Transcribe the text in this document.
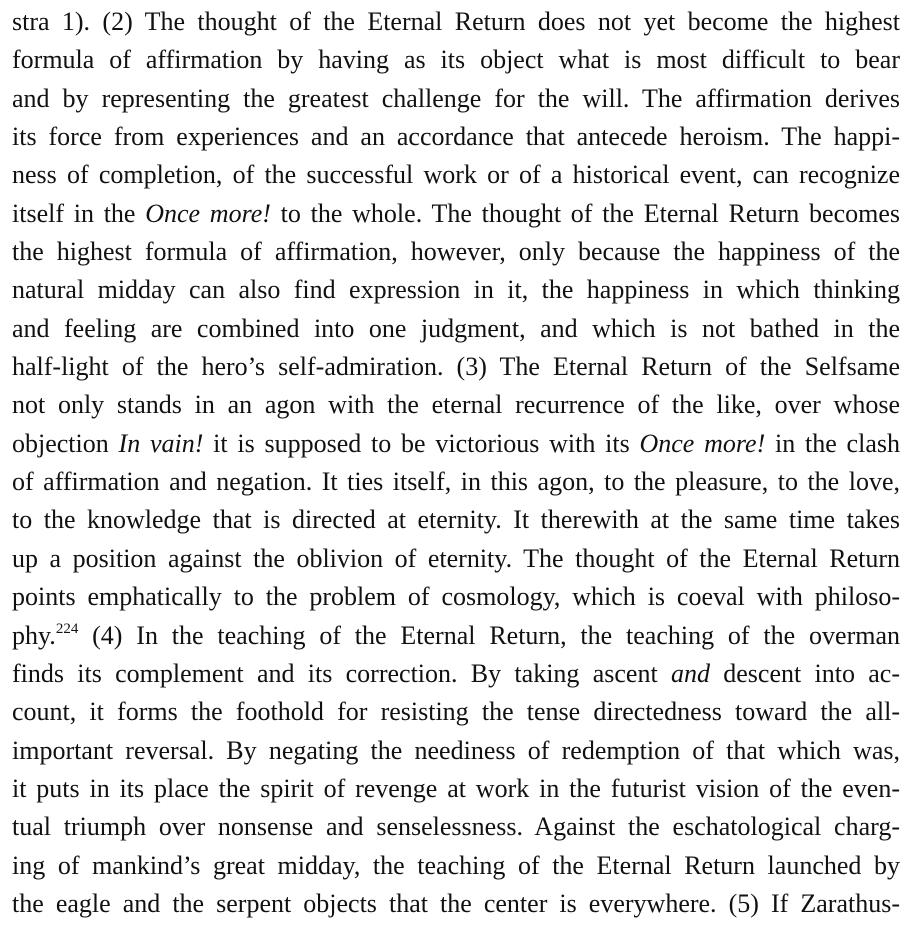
stra 1). (2) The thought of the Eternal Return does not yet become the highest
formula of affirmation by having as its object what is most difficult to bear
and by representing the greatest challenge for the will. The affirmation derives
its force from experiences and an accordance that antecede heroism. The happi-
ness of completion, of the successful work or of a historical event, can recognize
itself in the Once more! to the whole. The thought of the Eternal Return becomes
the highest formula of affirmation, however, only because the happiness of the
natural midday can also find expression in it, the happiness in which thinking
and feeling are combined into one judgment, and which is not bathed in the
half-light of the hero’s self-admiration. (3) The Eternal Return of the Selfsame
not only stands in an agon with the eternal recurrence of the like, over whose
objection In vain! it is supposed to be victorious with its Once more! in the clash
of affirmation and negation. It ties itself, in this agon, to the pleasure, to the love,
to the knowledge that is directed at eternity. It therewith at the same time takes
up a position against the oblivion of eternity. The thought of the Eternal Return
points emphatically to the problem of cosmology, which is coeval with philoso-
phy.$^{224}$ (4) In the teaching of the Eternal Return, the teaching of the overman
finds its complement and its correction. By taking ascent and descent into ac-
count, it forms the foothold for resisting the tense directedness toward the all-
important reversal. By negating the neediness of redemption of that which was,
it puts in its place the spirit of revenge at work in the futurist vision of the even-
tual triumph over nonsense and senselessness. Against the eschatological charg-
ing of mankind’s great midday, the teaching of the Eternal Return launched by
the eagle and the serpent objects that the center is everywhere. (5) If Zarathus-
